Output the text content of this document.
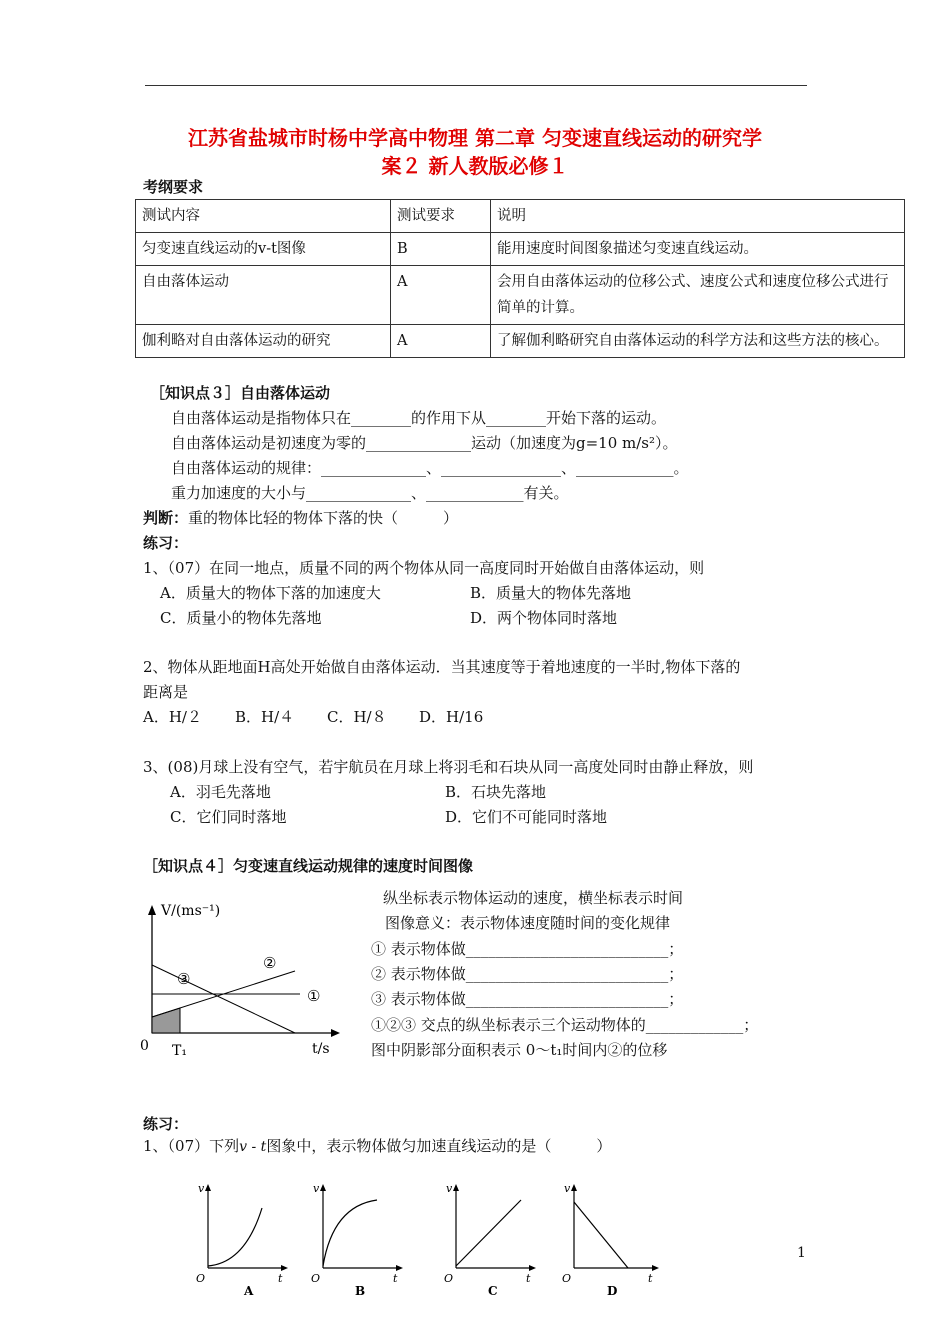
江苏省盐城市时杨中学高中物理 第二章 匀变速直线运动的研究学
案２ 新人教版必修１
考纲要求
测试内容	测试要求	说明
匀变速直线运动的v-t图像	B	能用速度时间图象描述匀变速直线运动。
自由落体运动	A	会用自由落体运动的位移公式、速度公式和速度位移公式进行简单的计算。
伽利略对自由落体运动的研究	A	了解伽利略研究自由落体运动的科学方法和这些方法的核心。
［知识点３］自由落体运动
自由落体运动是指物体只在________的作用下从________开始下落的运动。
自由落体运动是初速度为零的______________运动（加速度为g=10 m/s²）。
自由落体运动的规律：______________、________________、_____________。
重力加速度的大小与______________、_____________有关。
判断：重的物体比轻的物体下落的快（　　　）
练习：
1、（07）在同一地点，质量不同的两个物体从同一高度同时开始做自由落体运动，则
A．质量大的物体下落的加速度大	B．质量大的物体先落地
C．质量小的物体先落地	D．两个物体同时落地
2、物体从距地面H高处开始做自由落体运动．当其速度等于着地速度的一半时,物体下落的
距离是
A．H/２ B．H/４ C．H/８ D．H/16
3、(08)月球上没有空气，若宇航员在月球上将羽毛和石块从同一高度处同时由静止释放，则
A．羽毛先落地	B．石块先落地
C．它们同时落地	D．它们不可能同时落地
［知识点４］匀变速直线运动规律的速度时间图像
V/(ms⁻¹)
t/s
0 T₁
①
②
③
纵坐标表示物体运动的速度，横坐标表示时间
图像意义：表示物体速度随时间的变化规律
① 表示物体做___________________________；
② 表示物体做___________________________；
③ 表示物体做___________________________；
①②③ 交点的纵坐标表示三个运动物体的_____________；
图中阴影部分面积表示 0～t₁时间内②的位移
练习：
1、（07）下列v - t图象中，表示物体做匀加速直线运动的是（　　　）
v
O	t
A
v
O	t
B
v
O	t
C
v
O	t
D
1
